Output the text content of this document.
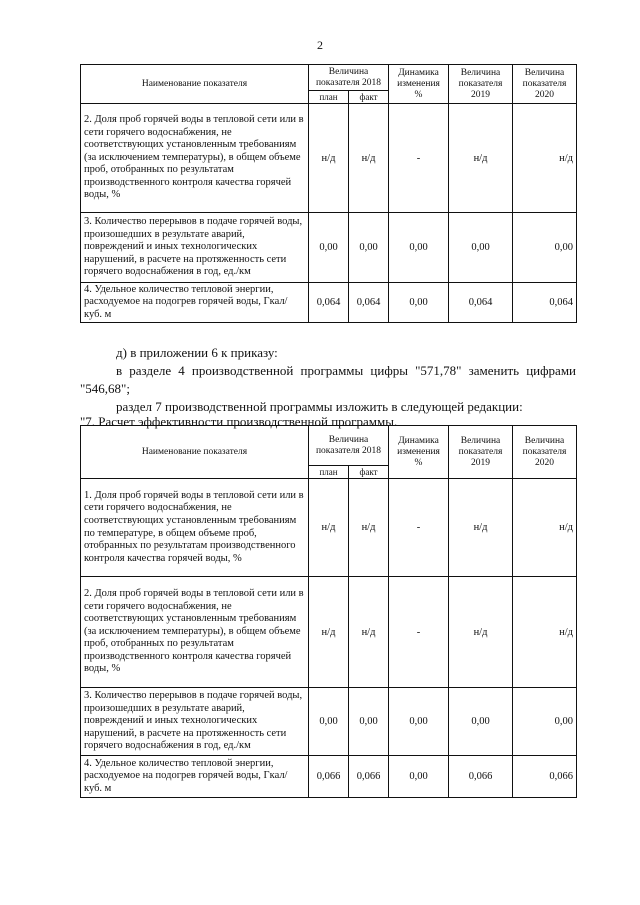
2
Наименование показателя	Величина показателя 2018		Динамика изменения %	Величина показателя 2019	Величина показателя 2020
	план	факт			
2. Доля проб горячей воды в тепловой сети или в сети горячего водоснабжения, не соответствующих установленным требованиям (за исключением температуры), в общем объеме проб, отобранных по результатам производственного контроля качества горячей воды, %	н/д	н/д	-	н/д	н/д
3. Количество перерывов в подаче горячей воды, произошедших в результате аварий, повреждений и иных технологических нарушений, в расчете на протяженность сети горячего водоснабжения в год, ед./км	0,00	0,00	0,00	0,00	0,00
4. Удельное количество тепловой энергии, расходуемое на подогрев горячей воды, Гкал/куб. м	0,064	0,064	0,00	0,064	0,064

д) в приложении 6 к приказу:

в разделе 4 производственной программы цифры "571,78" заменить цифрами

"546,68";

раздел 7 производственной программы изложить в следующей редакции:

"7. Расчет эффективности производственной программы.

Наименование показателя	Величина показателя 2018		Динамика изменения %	Величина показателя 2019	Величина показателя 2020
	план	факт			
1. Доля проб горячей воды в тепловой сети или в сети горячего водоснабжения, не соответствующих установленным требованиям по температуре, в общем объеме проб, отобранных по результатам производственного контроля качества горячей воды, %	н/д	н/д	-	н/д	н/д
2. Доля проб горячей воды в тепловой сети или в сети горячего водоснабжения, не соответствующих установленным требованиям (за исключением температуры), в общем объеме проб, отобранных по результатам производственного контроля качества горячей воды, %	н/д	н/д	-	н/д	н/д
3. Количество перерывов в подаче горячей воды, произошедших в результате аварий, повреждений и иных технологических нарушений, в расчете на протяженность сети горячего водоснабжения в год, ед./км	0,00	0,00	0,00	0,00	0,00
4. Удельное количество тепловой энергии, расходуемое на подогрев горячей воды, Гкал/куб. м	0,066	0,066	0,00	0,066	0,066
